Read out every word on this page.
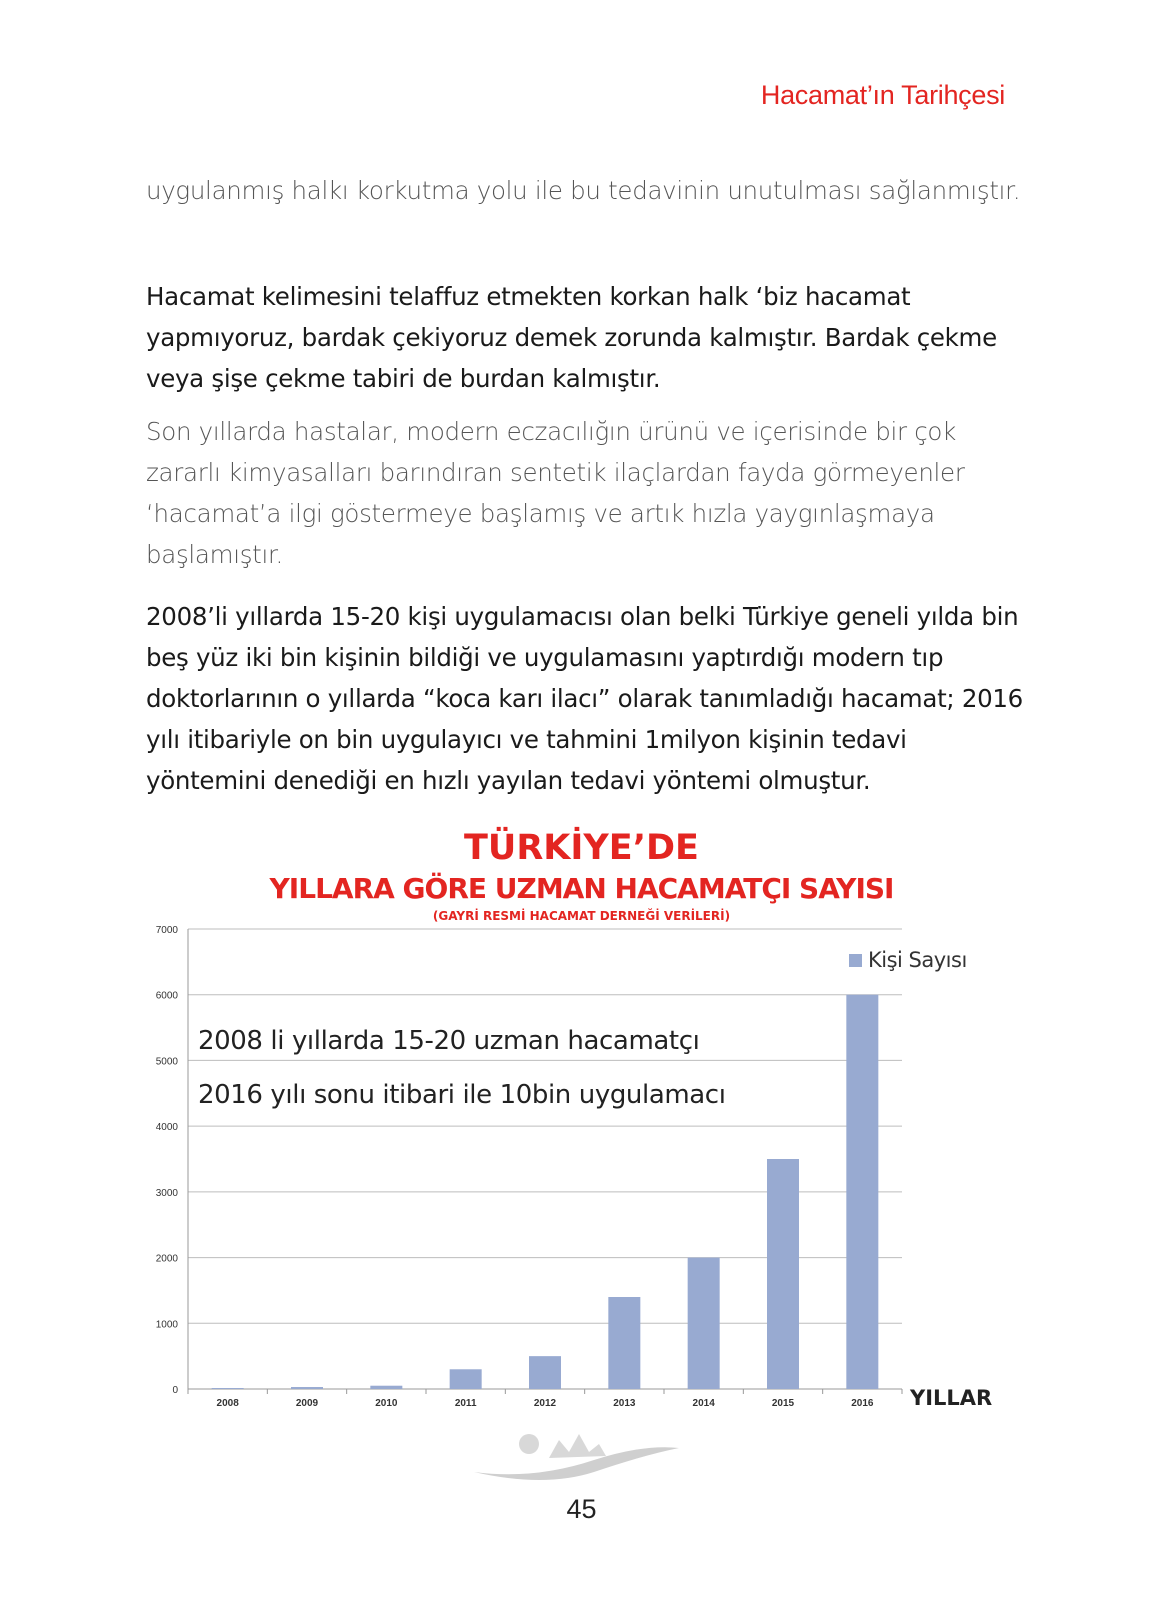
Hacamat’ın Tarihçesi

uygulanmış halkı korkutma yolu ile bu tedavinin unutulması sağlanmıştır.

Hacamat kelimesini telaffuz etmekten korkan halk ‘biz hacamat yapmıyoruz, bardak çekiyoruz demek zorunda kalmıştır. Bardak çekme veya şişe çekme tabiri de burdan kalmıştır.

Son yıllarda hastalar, modern eczacılığın ürünü ve içerisinde bir çok zararlı kimyasalları barındıran sentetik ilaçlardan fayda görmeyenler ‘hacamat’a ilgi göstermeye başlamış ve artık hızla yaygınlaşmaya başlamıştır.

2008’li yıllarda 15-20 kişi uygulamacısı olan belki Türkiye geneli yılda bin beş yüz iki bin kişinin bildiği ve uygulamasını yaptırdığı modern tıp doktorlarının o yıllarda “koca karı ilacı” olarak tanımladığı hacamat; 2016 yılı itibariyle on bin uygulayıcı ve tahmini 1milyon kişinin tedavi yöntemini denediği en hızlı yayılan tedavi yöntemi olmuştur.

TÜRKİYE’DE
YILLARA GÖRE UZMAN HACAMATÇI SAYISI
(GAYRİ RESMİ HACAMAT DERNEĞİ VERİLERİ)
0
1000
2000
3000
4000
5000
6000
7000
2008	2009	2010	2011	2012	2013	2014	2015	2016
Kişi Sayısı
YILLAR
2008 li yıllarda 15-20 uzman hacamatçı
2016 yılı sonu itibari ile 10bin uygulamacı
45
